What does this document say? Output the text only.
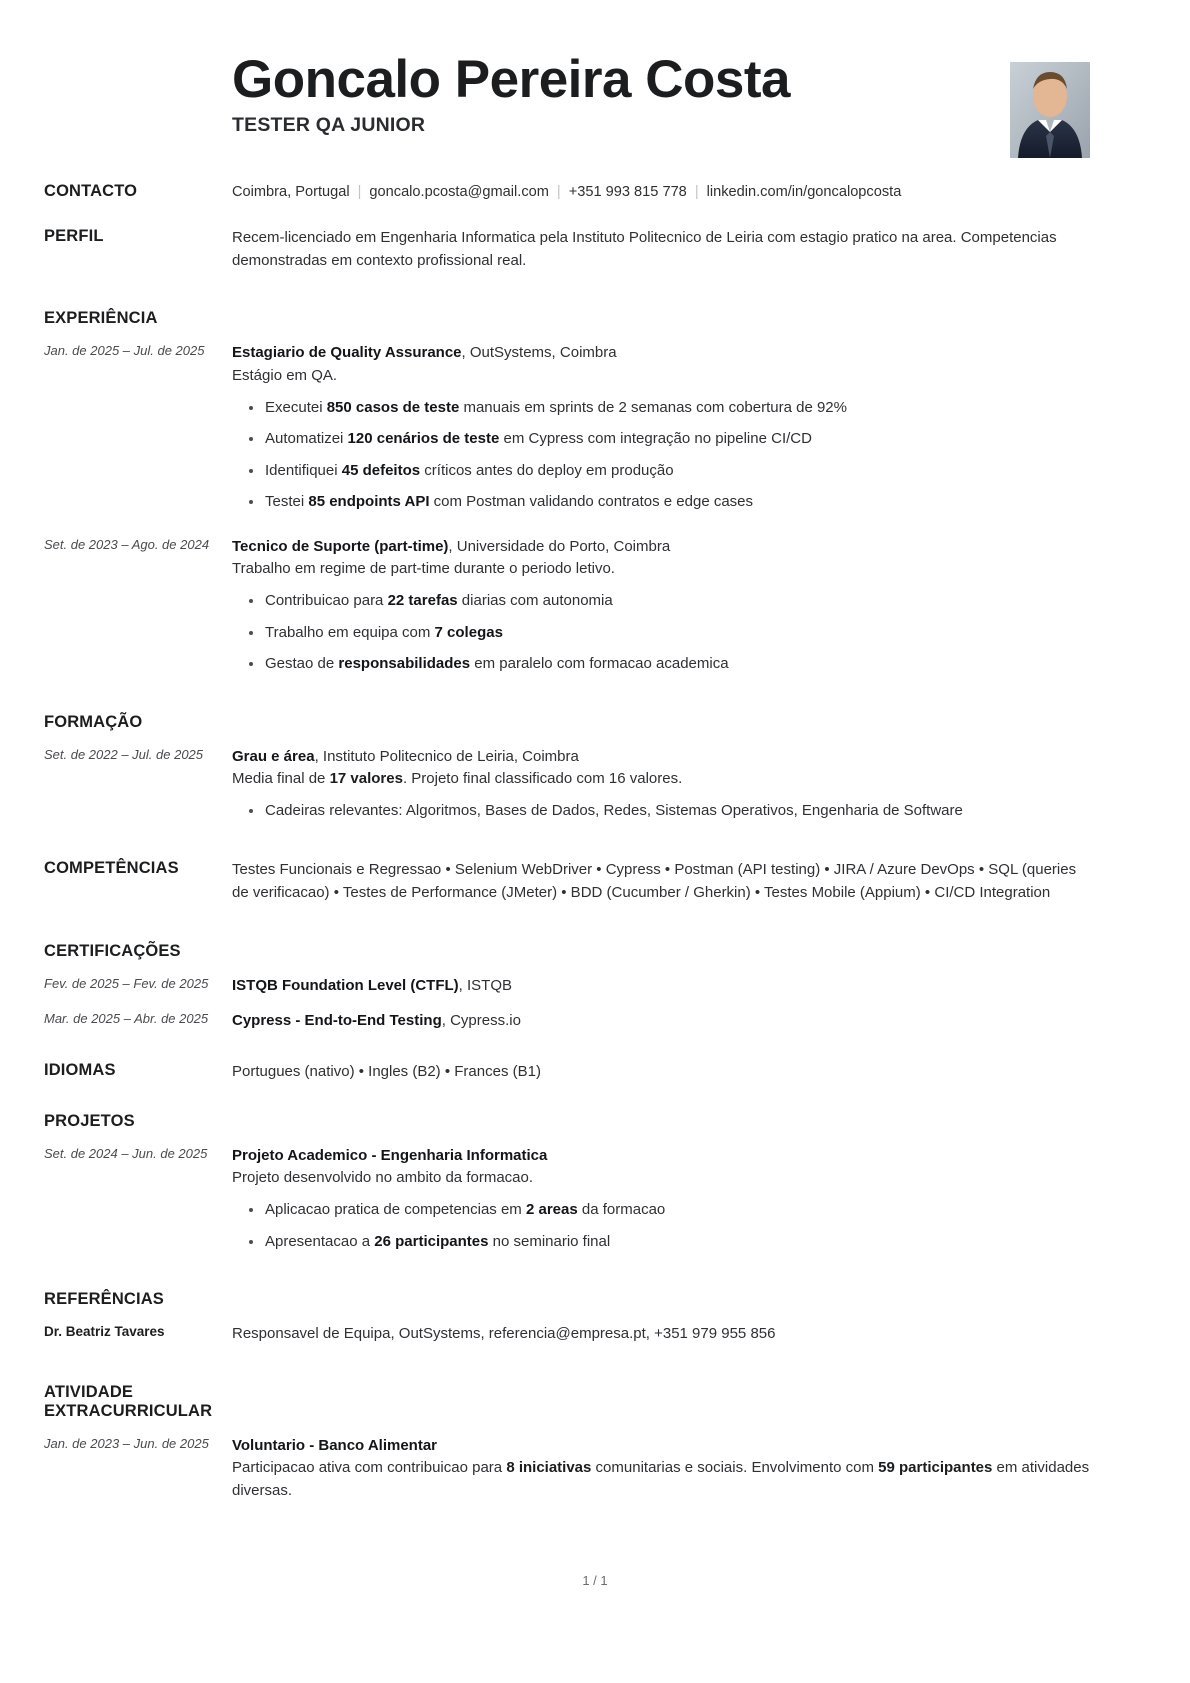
Goncalo Pereira Costa
TESTER QA JUNIOR
CONTACTO	Coimbra, Portugal | goncalo.pcosta@gmail.com | +351 993 815 778 | linkedin.com/in/goncalopcosta
PERFIL	Recem-licenciado em Engenharia Informatica pela Instituto Politecnico de Leiria com estagio pratico na area. Competencias demonstradas em contexto profissional real.
EXPERIÊNCIA
Jan. de 2025 – Jul. de 2025	Estagiario de Quality Assurance, OutSystems, Coimbra
Estágio em QA.
Executei 850 casos de teste manuais em sprints de 2 semanas com cobertura de 92%
Automatizei 120 cenários de teste em Cypress com integração no pipeline CI/CD
Identifiquei 45 defeitos críticos antes do deploy em produção
Testei 85 endpoints API com Postman validando contratos e edge cases
Set. de 2023 – Ago. de 2024	Tecnico de Suporte (part-time), Universidade do Porto, Coimbra
Trabalho em regime de part-time durante o periodo letivo.
Contribuicao para 22 tarefas diarias com autonomia
Trabalho em equipa com 7 colegas
Gestao de responsabilidades em paralelo com formacao academica
FORMAÇÃO
Set. de 2022 – Jul. de 2025	Grau e área, Instituto Politecnico de Leiria, Coimbra
Media final de 17 valores. Projeto final classificado com 16 valores.
Cadeiras relevantes: Algoritmos, Bases de Dados, Redes, Sistemas Operativos, Engenharia de Software
COMPETÊNCIAS	Testes Funcionais e Regressao • Selenium WebDriver • Cypress • Postman (API testing) • JIRA / Azure DevOps • SQL (queries de verificacao) • Testes de Performance (JMeter) • BDD (Cucumber / Gherkin) • Testes Mobile (Appium) • CI/CD Integration
CERTIFICAÇÕES
Fev. de 2025 – Fev. de 2025	ISTQB Foundation Level (CTFL), ISTQB
Mar. de 2025 – Abr. de 2025	Cypress - End-to-End Testing, Cypress.io
IDIOMAS	Portugues (nativo) • Ingles (B2) • Frances (B1)
PROJETOS
Set. de 2024 – Jun. de 2025	Projeto Academico - Engenharia Informatica
Projeto desenvolvido no ambito da formacao.
Aplicacao pratica de competencias em 2 areas da formacao
Apresentacao a 26 participantes no seminario final
REFERÊNCIAS
Dr. Beatriz Tavares	Responsavel de Equipa, OutSystems, referencia@empresa.pt, +351 979 955 856
ATIVIDADE EXTRACURRICULAR
Jan. de 2023 – Jun. de 2025	Voluntario - Banco Alimentar
Participacao ativa com contribuicao para 8 iniciativas comunitarias e sociais. Envolvimento com 59 participantes em atividades diversas.
1 / 1
